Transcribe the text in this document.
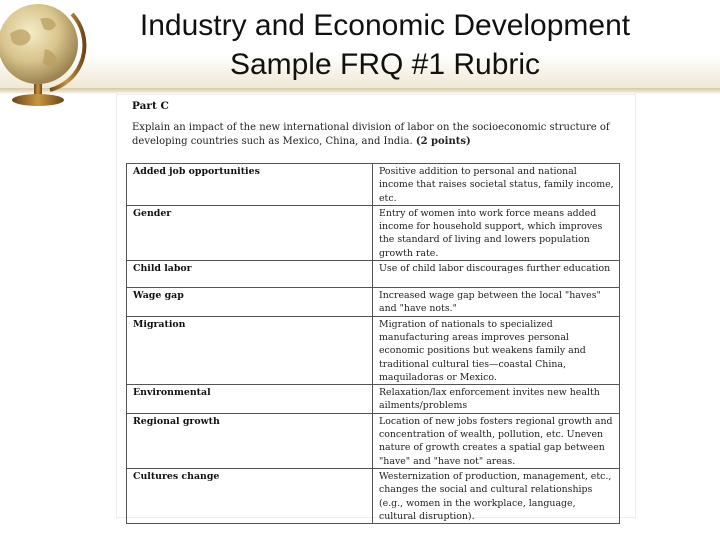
Industry and Economic Development
Sample FRQ #1 Rubric
Part C
Explain an impact of the new international division of labor on the socioeconomic structure of developing countries such as Mexico, China, and India. (2 points)
Added job opportunities	Positive addition to personal and national income that raises societal status, family income, etc.
Gender	Entry of women into work force means added income for household support, which improves the standard of living and lowers population growth rate.
Child labor	Use of child labor discourages further education
Wage gap	Increased wage gap between the local "haves" and "have nots."
Migration	Migration of nationals to specialized manufacturing areas improves personal economic positions but weakens family and traditional cultural ties—coastal China, maquiladoras or Mexico.
Environmental	Relaxation/lax enforcement invites new health ailments/problems
Regional growth	Location of new jobs fosters regional growth and concentration of wealth, pollution, etc. Uneven nature of growth creates a spatial gap between "have" and "have not" areas.
Cultures change	Westernization of production, management, etc., changes the social and cultural relationships (e.g., women in the workplace, language, cultural disruption).
